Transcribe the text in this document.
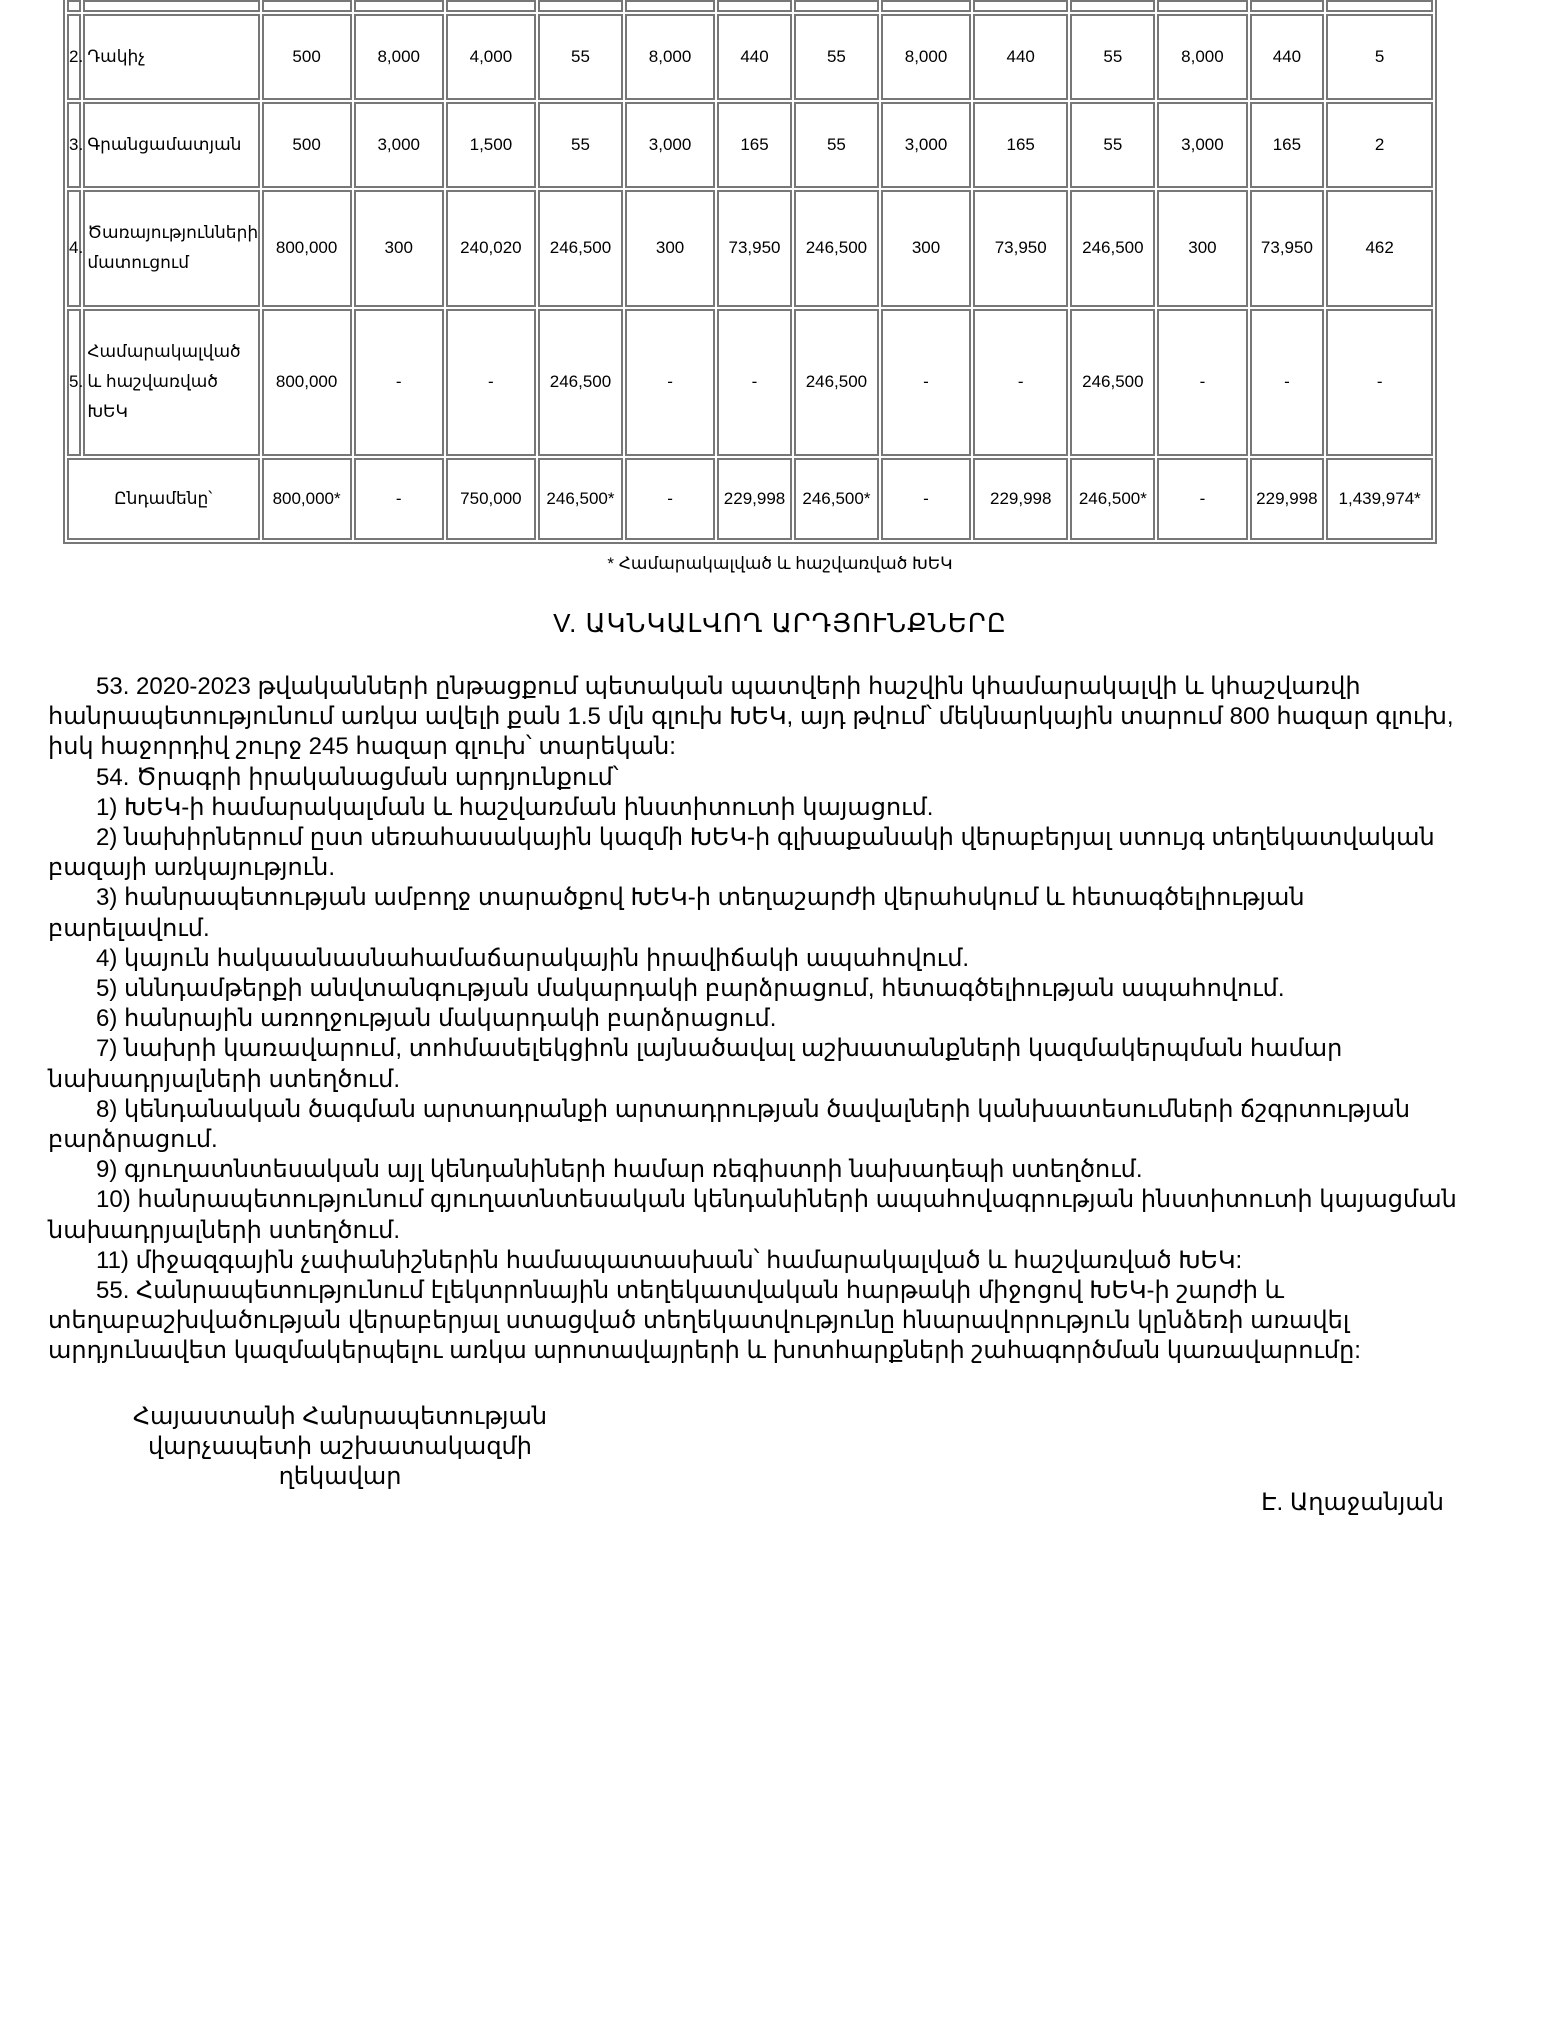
2.	Դակիչ	500	8,000	4,000	55	8,000	440	55	8,000	440	55	8,000	440	5
3.	Գրանցամատյան	500	3,000	1,500	55	3,000	165	55	3,000	165	55	3,000	165	2
4.	Ծառայությունների մատուցում	800,000	300	240,020	246,500	300	73,950	246,500	300	73,950	246,500	300	73,950	462
5.	Համարակալված և հաշվառված ԽԵԿ	800,000	-	-	246,500	-	-	246,500	-	-	246,500	-	-	-
Ընդամենը՝		800,000*	-	750,000	246,500*	-	229,998	246,500*	-	229,998	246,500*	-	229,998	1,439,974*
* Համարակալված և հաշվառված ԽԵԿ
V. ԱԿՆԿԱԼՎՈՂ ԱՐԴՅՈՒՆՔՆԵՐԸ

53. 2020-2023 թվականների ընթացքում պետական պատվերի հաշվին կհամարակալվի և կհաշվառվի հանրապետությունում առկա ավելի քան 1.5 մլն գլուխ ԽԵԿ, այդ թվում՝ մեկնարկային տարում 800 հազար գլուխ, իսկ հաջորդիվ շուրջ 245 հազար գլուխ՝ տարեկան:

54. Ծրագրի իրականացման արդյունքում՝

1) ԽԵԿ-ի համարակալման և հաշվառման ինստիտուտի կայացում.

2) նախիրներում ըստ սեռահասակային կազմի ԽԵԿ-ի գլխաքանակի վերաբերյալ ստույգ տեղեկատվական բազայի առկայություն.

3) հանրապետության ամբողջ տարածքով ԽԵԿ-ի տեղաշարժի վերահսկում և հետագծելիության բարելավում.

4) կայուն հակաանասնահամաճարակային իրավիճակի ապահովում.

5) սննդամթերքի անվտանգության մակարդակի բարձրացում, հետագծելիության ապահովում.

6) հանրային առողջության մակարդակի բարձրացում.

7) նախրի կառավարում, տոհմասելեկցիոն լայնածավալ աշխատանքների կազմակերպման համար նախադրյալների ստեղծում.

8) կենդանական ծագման արտադրանքի արտադրության ծավալների կանխատեսումների ճշգրտության բարձրացում.

9) գյուղատնտեսական այլ կենդանիների համար ռեգիստրի նախադեպի ստեղծում.

10) հանրապետությունում գյուղատնտեսական կենդանիների ապահովագրության ինստիտուտի կայացման նախադրյալների ստեղծում.

11) միջազգային չափանիշներին համապատասխան՝ համարակալված և հաշվառված ԽԵԿ:

55. Հանրապետությունում էլեկտրոնային տեղեկատվական հարթակի միջոցով ԽԵԿ-ի շարժի և տեղաբաշխվածության վերաբերյալ ստացված տեղեկատվությունը հնարավորություն կընձեռի առավել արդյունավետ կազմակերպելու առկա արոտավայրերի և խոտհարքների շահագործման կառավարումը:

Հայաստանի Հանրապետության
վարչապետի աշխատակազմի
ղեկավար
Է. Աղաջանյան
